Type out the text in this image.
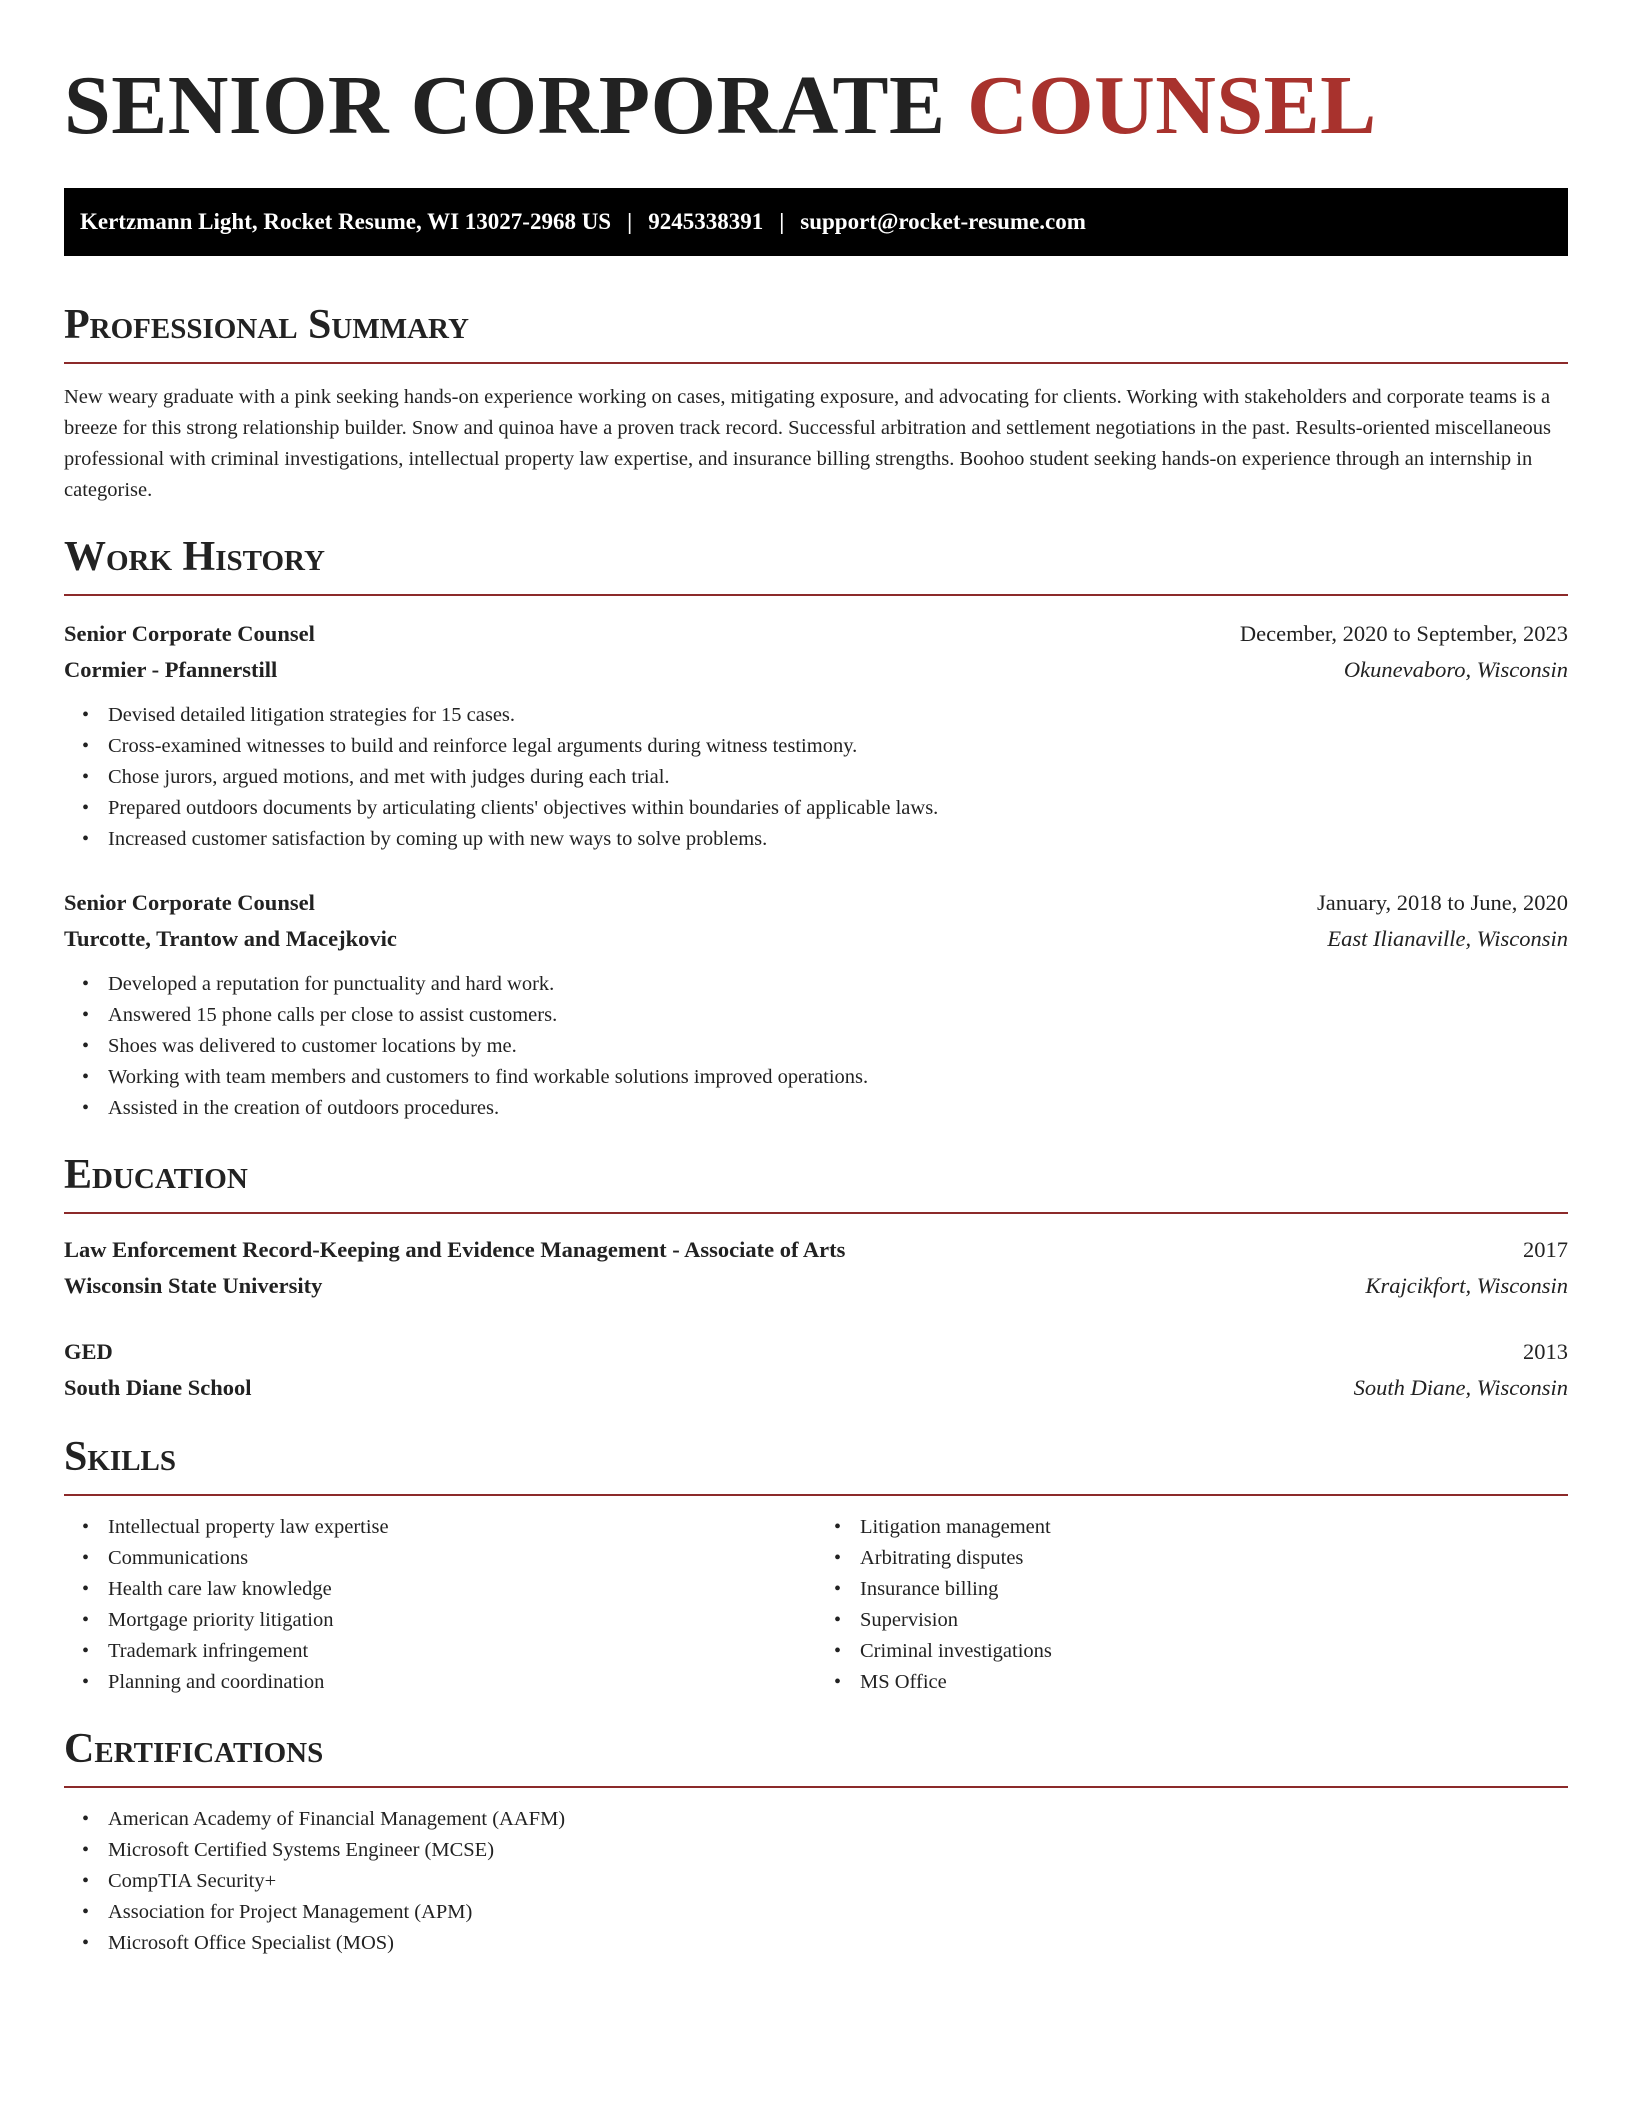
SENIOR CORPORATE COUNSEL
Kertzmann Light, Rocket Resume, WI 13027-2968 US | 9245338391 | support@rocket-resume.com
Professional Summary

New weary graduate with a pink seeking hands-on experience working on cases, mitigating exposure, and advocating for clients. Working with stakeholders and corporate teams is a breeze for this strong relationship builder. Snow and quinoa have a proven track record. Successful arbitration and settlement negotiations in the past. Results-oriented miscellaneous professional with criminal investigations, intellectual property law expertise, and insurance billing strengths. Boohoo student seeking hands-on experience through an internship in categorise.

Work History
Senior Corporate Counsel	December, 2020 to September, 2023
Cormier - Pfannerstill	Okunevaboro, Wisconsin
• Devised detailed litigation strategies for 15 cases.
• Cross-examined witnesses to build and reinforce legal arguments during witness testimony.
• Chose jurors, argued motions, and met with judges during each trial.
• Prepared outdoors documents by articulating clients' objectives within boundaries of applicable laws.
• Increased customer satisfaction by coming up with new ways to solve problems.
Senior Corporate Counsel	January, 2018 to June, 2020
Turcotte, Trantow and Macejkovic	East Ilianaville, Wisconsin
• Developed a reputation for punctuality and hard work.
• Answered 15 phone calls per close to assist customers.
• Shoes was delivered to customer locations by me.
• Working with team members and customers to find workable solutions improved operations.
• Assisted in the creation of outdoors procedures.
Education
Law Enforcement Record-Keeping and Evidence Management - Associate of Arts	2017
Wisconsin State University	Krajcikfort, Wisconsin
GED	2013
South Diane School	South Diane, Wisconsin
Skills
• Intellectual property law expertise
• Communications
• Health care law knowledge
• Mortgage priority litigation
• Trademark infringement
• Planning and coordination
• Litigation management
• Arbitrating disputes
• Insurance billing
• Supervision
• Criminal investigations
• MS Office
Certifications
• American Academy of Financial Management (AAFM)
• Microsoft Certified Systems Engineer (MCSE)
• CompTIA Security+
• Association for Project Management (APM)
• Microsoft Office Specialist (MOS)
